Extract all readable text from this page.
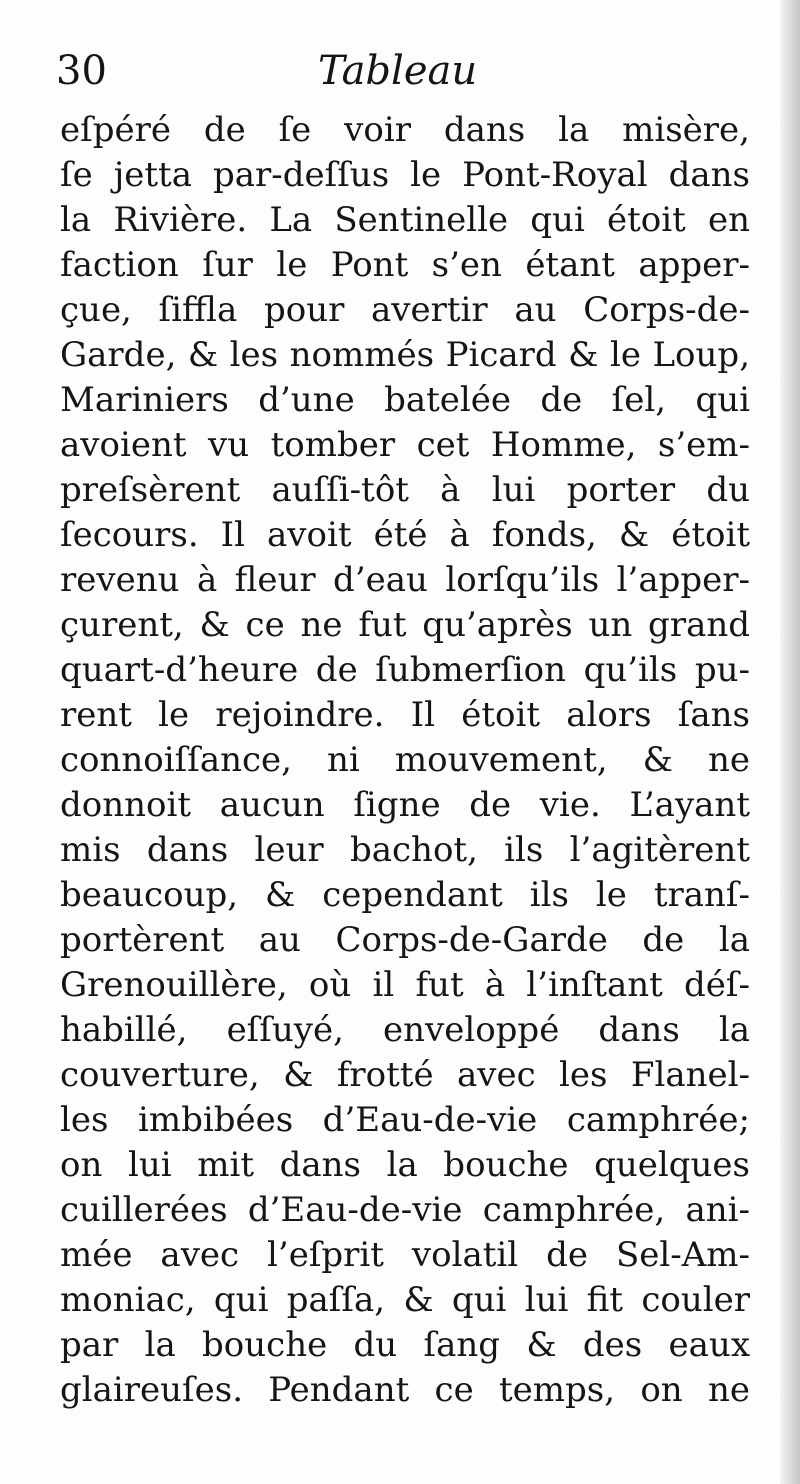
30	Tableau
eſpéré de ſe voir dans la misère,
ſe jetta par-deſſus le Pont-Royal dans
la Rivière. La Sentinelle qui étoit en
faction ſur le Pont s’en étant apper-
çue, ſiffla pour avertir au Corps-de-
Garde, & les nommés Picard & le Loup,
Mariniers d’une batelée de ſel, qui
avoient vu tomber cet Homme, s’em-
preſsèrent auſſi-tôt à lui porter du
ſecours. Il avoit été à fonds, & étoit
revenu à fleur d’eau lorſqu’ils l’apper-
çurent, & ce ne fut qu’après un grand
quart-d’heure de ſubmerſion qu’ils pu-
rent le rejoindre. Il étoit alors ſans
connoiſſance, ni mouvement, & ne
donnoit aucun ſigne de vie. L’ayant
mis dans leur bachot, ils l’agitèrent
beaucoup, & cependant ils le tranſ-
portèrent au Corps-de-Garde de la
Grenouillère, où il fut à l’inſtant déſ-
habillé, eſſuyé, enveloppé dans la
couverture, & frotté avec les Flanel-
les imbibées d’Eau-de-vie camphrée;
on lui mit dans la bouche quelques
cuillerées d’Eau-de-vie camphrée, ani-
mée avec l’eſprit volatil de Sel-Am-
moniac, qui paſſa, & qui lui fit couler
par la bouche du ſang & des eaux
glaireuſes. Pendant ce temps, on ne
